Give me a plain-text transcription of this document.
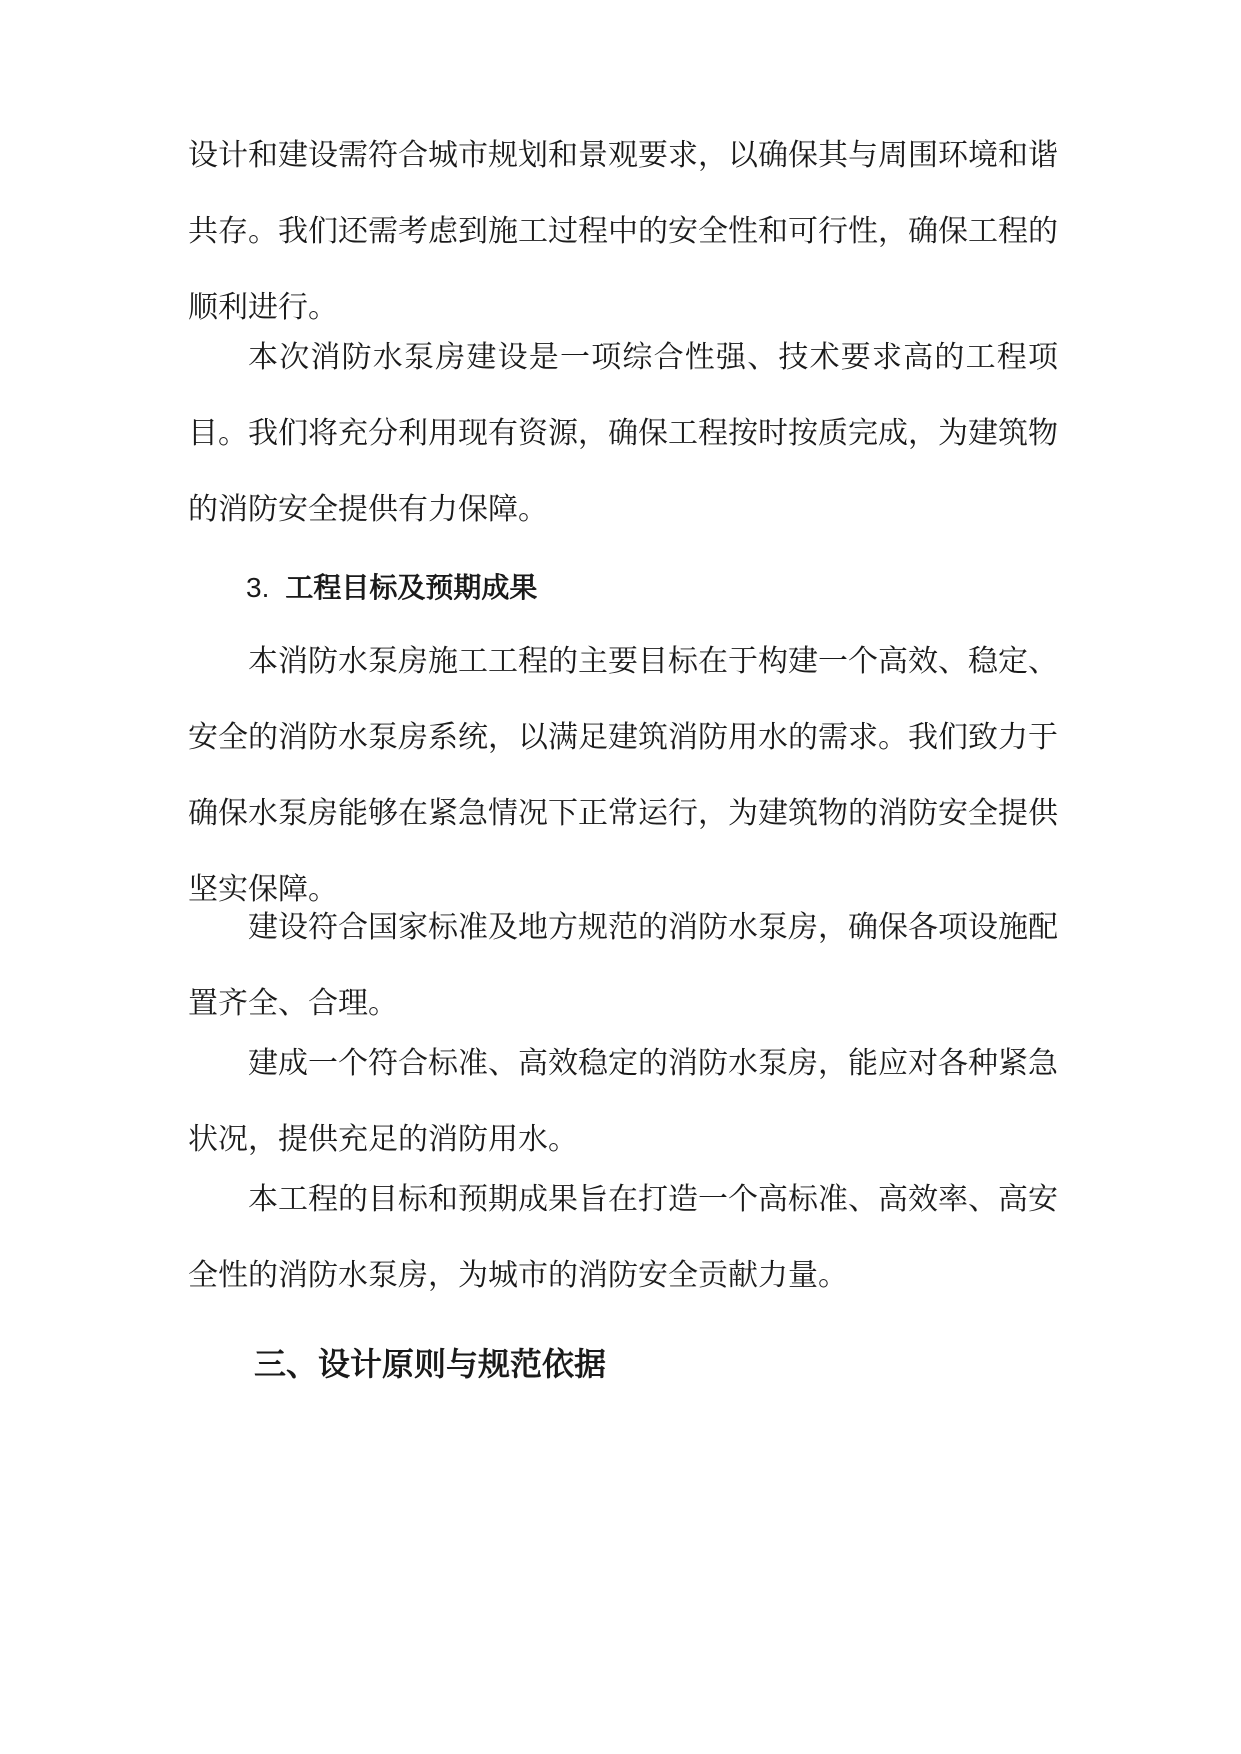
设计和建设需符合城市规划和景观要求，以确保其与周围环境和谐共存。我们还需考虑到施工过程中的安全性和可行性，确保工程的顺利进行。

本次消防水泵房建设是一项综合性强、技术要求高的工程项目。我们将充分利用现有资源，确保工程按时按质完成，为建筑物的消防安全提供有力保障。

3. 工程目标及预期成果

本消防水泵房施工工程的主要目标在于构建一个高效、稳定、安全的消防水泵房系统，以满足建筑消防用水的需求。我们致力于确保水泵房能够在紧急情况下正常运行，为建筑物的消防安全提供坚实保障。

建设符合国家标准及地方规范的消防水泵房，确保各项设施配置齐全、合理。

建成一个符合标准、高效稳定的消防水泵房，能应对各种紧急状况，提供充足的消防用水。

本工程的目标和预期成果旨在打造一个高标准、高效率、高安全性的消防水泵房，为城市的消防安全贡献力量。

三、设计原则与规范依据
